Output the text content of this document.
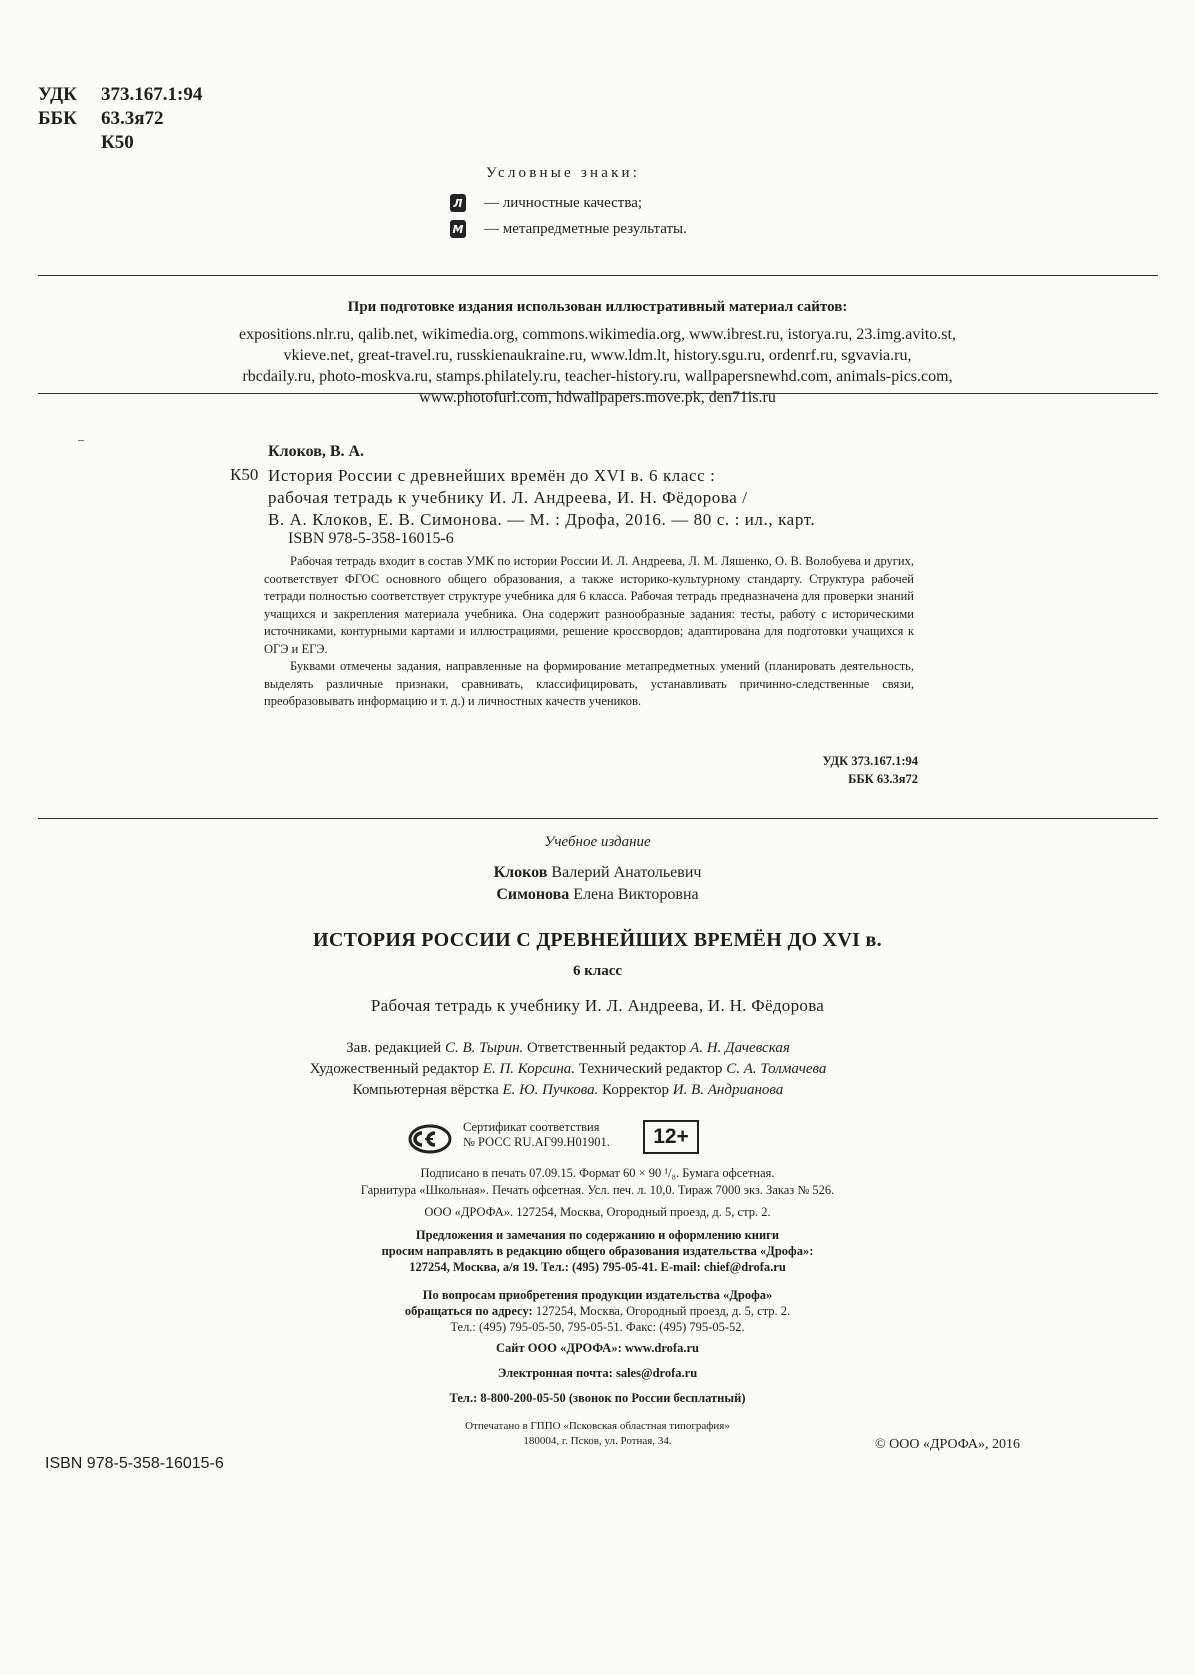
УДК	373.167.1:94
ББК	63.3я72
К50
Условные знаки:
Л — личностные качества;
М — метапредметные результаты.
При подготовке издания использован иллюстративный материал сайтов:
expositions.nlr.ru, qalib.net, wikimedia.org, commons.wikimedia.org, www.ibrest.ru, istorya.ru, 23.img.avito.st,
vkieve.net, great-travel.ru, russkienaukraine.ru, www.ldm.lt, history.sgu.ru, ordenrf.ru, sgvavia.ru,
rbcdaily.ru, photo-moskva.ru, stamps.philately.ru, teacher-history.ru, wallpapersnewhd.com, animals-pics.com,
www.photofurl.com, hdwallpapers.move.pk, den71is.ru
‒
Клоков, В. А.
К50 История России с древнейших времён до XVI в. 6 класс :
рабочая тетрадь к учебнику И. Л. Андреева, И. Н. Фёдорова /
В. А. Клоков, Е. В. Симонова. — М. : Дрофа, 2016. — 80 с. : ил., карт.
ISBN 978-5-358-16015-6

Рабочая тетрадь входит в состав УМК по истории России И. Л. Андреева, Л. М. Ляшенко, О. В. Волобуева и других, соответствует ФГОС основного общего образования, а также историко-культурному стандарту. Структура рабочей тетради полностью соответствует структуре учебника для 6 класса. Рабочая тетрадь предназначена для проверки знаний учащихся и закрепления материала учебника. Она содержит разнообразные задания: тесты, работу с историческими источниками, контурными картами и иллюстрациями, решение кроссвордов; адаптирована для подготовки учащихся к ОГЭ и ЕГЭ.

Буквами отмечены задания, направленные на формирование метапредметных умений (планировать деятельность, выделять различные признаки, сравнивать, классифицировать, устанавливать причинно-следственные связи, преобразовывать информацию и т. д.) и личностных качеств учеников.

УДК 373.167.1:94
ББК 63.3я72
Учебное издание
Клоков Валерий Анатольевич
Симонова Елена Викторовна
ИСТОРИЯ РОССИИ С ДРЕВНЕЙШИХ ВРЕМЁН ДО XVI в.
6 класс
Рабочая тетрадь к учебнику И. Л. Андреева, И. Н. Фёдорова
Зав. редакцией С. В. Тырин. Ответственный редактор А. Н. Дачевская
Художественный редактор Е. П. Корсина. Технический редактор С. А. Толмачева
Компьютерная вёрстка Е. Ю. Пучкова. Корректор И. В. Андрианова
Сертификат соответствия
№ РОСС RU.АГ99.Н01901.	12+
Подписано в печать 07.09.15. Формат 60 × 90 ¹/₈. Бумага офсетная.
Гарнитура «Школьная». Печать офсетная. Усл. печ. л. 10,0. Тираж 7000 экз. Заказ № 526.
ООО «ДРОФА». 127254, Москва, Огородный проезд, д. 5, стр. 2.
Предложения и замечания по содержанию и оформлению книги
просим направлять в редакцию общего образования издательства «Дрофа»:
127254, Москва, а/я 19. Тел.: (495) 795-05-41. E-mail: chief@drofa.ru
По вопросам приобретения продукции издательства «Дрофа»
обращаться по адресу: 127254, Москва, Огородный проезд, д. 5, стр. 2.
Тел.: (495) 795-05-50, 795-05-51. Факс: (495) 795-05-52.
Сайт ООО «ДРОФА»: www.drofa.ru
Электронная почта: sales@drofa.ru
Тел.: 8-800-200-05-50 (звонок по России бесплатный)
Отпечатано в ГППО «Псковская областная типография»
180004, г. Псков, ул. Ротная, 34.
ISBN 978-5-358-16015-6
© ООО «ДРОФА», 2016
